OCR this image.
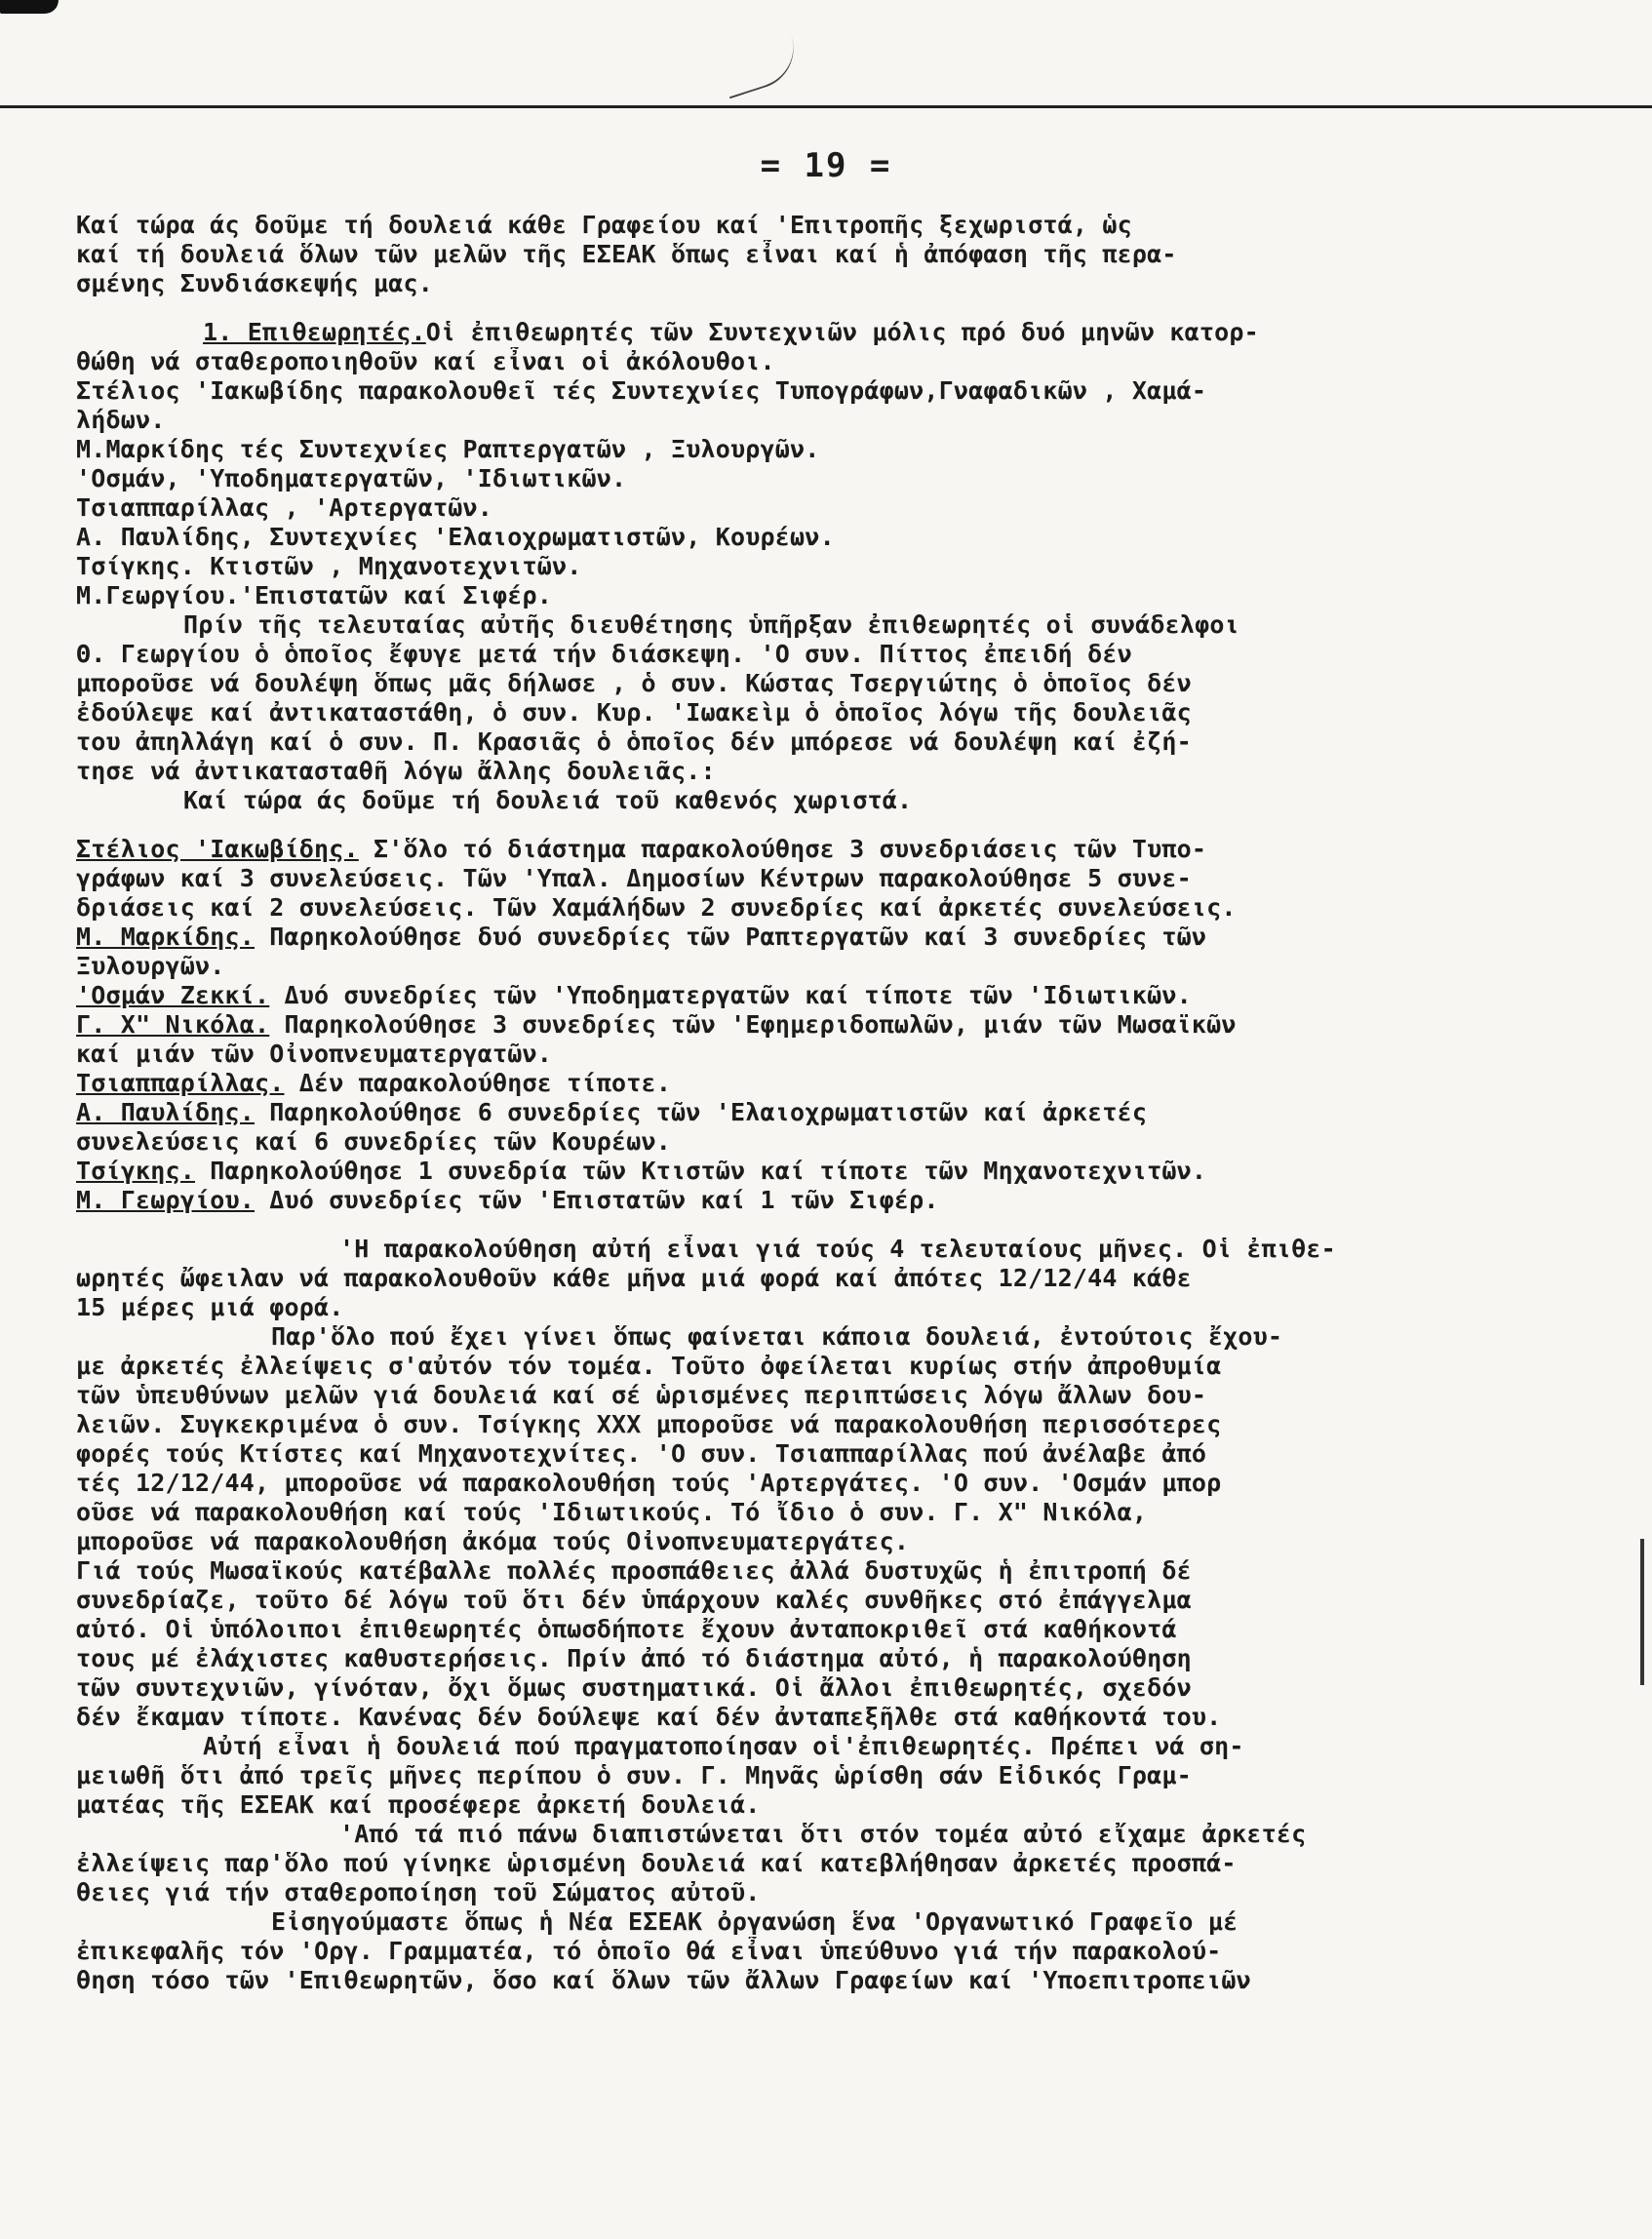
= 19 =
Καί τώρα άς δοῦμε τή δουλειά κάθε Γραφείου καί 'Επιτροπῆς ξεχωριστά, ὡς
καί τή δουλειά ὅλων τῶν μελῶν τῆς ΕΣΕΑΚ ὅπως εἶναι καί ἡ ἀπόφαση τῆς περα-
σμένης Συνδιάσκεψής μας.
1. Επιθεωρητές.Οἱ ἐπιθεωρητές τῶν Συντεχνιῶν μόλις πρό δυό μηνῶν κατορ-
θώθη νά σταθεροποιηθοῦν καί εἶναι οἱ ἀκόλουθοι.
Στέλιος 'Ιακωβίδης παρακολουθεῖ τές Συντεχνίες Τυπογράφων,Γναφαδικῶν , Χαμά-
λήδων.
Μ.Μαρκίδης τές Συντεχνίες Ραπτεργατῶν , Ξυλουργῶν.
'Οσμάν, 'Υποδηματεργατῶν, 'Ιδιωτικῶν.
Τσιαππαρίλλας , 'Αρτεργατῶν.
Α. Παυλίδης, Συντεχνίες 'Ελαιοχρωματιστῶν, Κουρέων.
Τσίγκης. Κτιστῶν , Μηχανοτεχνιτῶν.
Μ.Γεωργίου.'Επιστατῶν καί Σιφέρ.
Πρίν τῆς τελευταίας αὐτῆς διευθέτησης ὑπῆρξαν ἐπιθεωρητές οἱ συνάδελφοι
Θ. Γεωργίου ὁ ὁποῖος ἔφυγε μετά τήν διάσκεψη. 'Ο συν. Πίττος ἐπειδή δέν
μποροῦσε νά δουλέψη ὅπως μᾶς δήλωσε , ὁ συν. Κώστας Τσεργιώτης ὁ ὁποῖος δέν
ἐδούλεψε καί ἀντικαταστάθη, ὁ συν. Κυρ. 'Ιωακεὶμ ὁ ὁποῖος λόγω τῆς δουλειᾶς
του ἀπηλλάγη καί ὁ συν. Π. Κρασιᾶς ὁ ὁποῖος δέν μπόρεσε νά δουλέψη καί ἐζή-
τησε νά ἀντικατασταθῆ λόγω ἄλλης δουλειᾶς.:
Καί τώρα άς δοῦμε τή δουλειά τοῦ καθενός χωριστά.
Στέλιος 'Ιακωβίδης. Σ'ὅλο τό διάστημα παρακολούθησε 3 συνεδριάσεις τῶν Τυπο-
γράφων καί 3 συνελεύσεις. Τῶν 'Υπαλ. Δημοσίων Κέντρων παρακολούθησε 5 συνε-
δριάσεις καί 2 συνελεύσεις. Τῶν Χαμάλήδων 2 συνεδρίες καί ἀρκετές συνελεύσεις.
Μ. Μαρκίδης. Παρηκολούθησε δυό συνεδρίες τῶν Ραπτεργατῶν καί 3 συνεδρίες τῶν
Ξυλουργῶν.
'Οσμάν Ζεκκί. Δυό συνεδρίες τῶν 'Υποδηματεργατῶν καί τίποτε τῶν 'Ιδιωτικῶν.
Γ. Χ" Νικόλα. Παρηκολούθησε 3 συνεδρίες τῶν 'Εφημεριδοπωλῶν, μιάν τῶν Μωσαϊκῶν
καί μιάν τῶν Οἰνοπνευματεργατῶν.
Τσιαππαρίλλας. Δέν παρακολούθησε τίποτε.
Α. Παυλίδης. Παρηκολούθησε 6 συνεδρίες τῶν 'Ελαιοχρωματιστῶν καί ἀρκετές
συνελεύσεις καί 6 συνεδρίες τῶν Κουρέων.
Τσίγκης. Παρηκολούθησε 1 συνεδρία τῶν Κτιστῶν καί τίποτε τῶν Μηχανοτεχνιτῶν.
Μ. Γεωργίου. Δυό συνεδρίες τῶν 'Επιστατῶν καί 1 τῶν Σιφέρ.
'Η παρακολούθηση αὐτή εἶναι γιά τούς 4 τελευταίους μῆνες. Οἱ ἐπιθε-
ωρητές ὤφειλαν νά παρακολουθοῦν κάθε μῆνα μιά φορά καί ἀπότες 12/12/44 κάθε
15 μέρες μιά φορά.
Παρ'ὅλο πού ἔχει γίνει ὅπως φαίνεται κάποια δουλειά, ἐντούτοις ἔχου-
με ἀρκετές ἐλλείψεις σ'αὐτόν τόν τομέα. Τοῦτο ὀφείλεται κυρίως στήν ἀπροθυμία
τῶν ὑπευθύνων μελῶν γιά δουλειά καί σέ ὡρισμένες περιπτώσεις λόγω ἄλλων δου-
λειῶν. Συγκεκριμένα ὁ συν. Τσίγκης ΧΧΧ μποροῦσε νά παρακολουθήση περισσότερες
φορές τούς Κτίστες καί Μηχανοτεχνίτες. 'Ο συν. Τσιαππαρίλλας πού ἀνέλαβε ἀπό
τές 12/12/44, μποροῦσε νά παρακολουθήση τούς 'Αρτεργάτες. 'Ο συν. 'Οσμάν μπορ
οῦσε νά παρακολουθήση καί τούς 'Ιδιωτικούς. Τό ἴδιο ὁ συν. Γ. Χ" Νικόλα,
μποροῦσε νά παρακολουθήση ἀκόμα τούς Οἰνοπνευματεργάτες.
Γιά τούς Μωσαϊκούς κατέβαλλε πολλές προσπάθειες ἀλλά δυστυχῶς ἡ ἐπιτροπή δέ
συνεδρίαζε, τοῦτο δέ λόγω τοῦ ὅτι δέν ὑπάρχουν καλές συνθῆκες στό ἐπάγγελμα
αὐτό. Οἱ ὑπόλοιποι ἐπιθεωρητές ὁπωσδήποτε ἔχουν ἀνταποκριθεῖ στά καθήκοντά
τους μέ ἐλάχιστες καθυστερήσεις. Πρίν ἀπό τό διάστημα αὐτό, ἡ παρακολούθηση
τῶν συντεχνιῶν, γίνόταν, ὄχι ὅμως συστηματικά. Οἱ ἄλλοι ἐπιθεωρητές, σχεδόν
δέν ἔκαμαν τίποτε. Κανένας δέν δούλεψε καί δέν ἀνταπεξῆλθε στά καθήκοντά του.
Αὐτή εἶναι ἡ δουλειά πού πραγματοποίησαν οἱ'ἐπιθεωρητές. Πρέπει νά ση-
μειωθῆ ὅτι ἀπό τρεῖς μῆνες περίπου ὁ συν. Γ. Μηνᾶς ὡρίσθη σάν Εἰδικός Γραμ-
ματέας τῆς ΕΣΕΑΚ καί προσέφερε ἀρκετή δουλειά.
'Από τά πιό πάνω διαπιστώνεται ὅτι στόν τομέα αὐτό εἴχαμε ἀρκετές
ἐλλείψεις παρ'ὅλο πού γίνηκε ὡρισμένη δουλειά καί κατεβλήθησαν ἀρκετές προσπά-
θειες γιά τήν σταθεροποίηση τοῦ Σώματος αὐτοῦ.
Εἰσηγούμαστε ὅπως ἡ Νέα ΕΣΕΑΚ ὀργανώση ἕνα 'Οργανωτικό Γραφεῖο μέ
ἐπικεφαλῆς τόν 'Οργ. Γραμματέα, τό ὁποῖο θά εἶναι ὑπεύθυνο γιά τήν παρακολού-
θηση τόσο τῶν 'Επιθεωρητῶν, ὅσο καί ὅλων τῶν ἄλλων Γραφείων καί 'Υποεπιτροπειῶν
